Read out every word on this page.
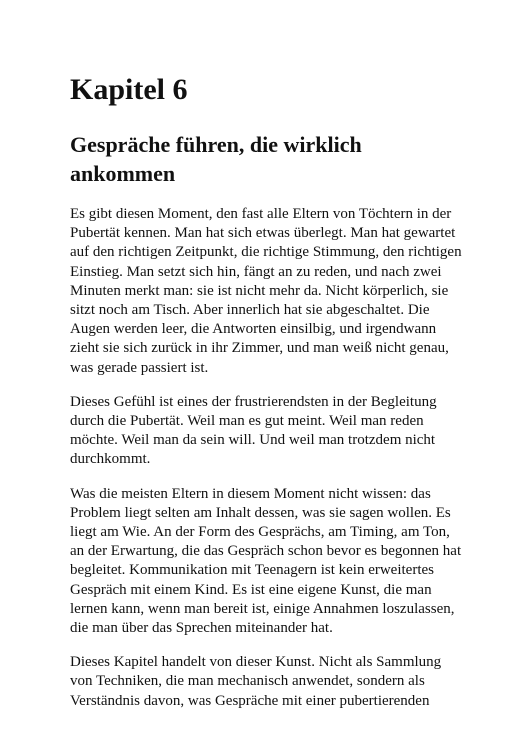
Kapitel 6
Gespräche führen, die wirklich ankommen

Es gibt diesen Moment, den fast alle Eltern von Töchtern in der Pubertät kennen. Man hat sich etwas überlegt. Man hat gewartet auf den richtigen Zeitpunkt, die richtige Stimmung, den richtigen Einstieg. Man setzt sich hin, fängt an zu reden, und nach zwei Minuten merkt man: sie ist nicht mehr da. Nicht körperlich, sie sitzt noch am Tisch. Aber innerlich hat sie abgeschaltet. Die Augen werden leer, die Antworten einsilbig, und irgendwann zieht sie sich zurück in ihr Zimmer, und man weiß nicht genau, was gerade passiert ist.

Dieses Gefühl ist eines der frustrierendsten in der Begleitung durch die Pubertät. Weil man es gut meint. Weil man reden möchte. Weil man da sein will. Und weil man trotzdem nicht durchkommt.

Was die meisten Eltern in diesem Moment nicht wissen: das Problem liegt selten am Inhalt dessen, was sie sagen wollen. Es liegt am Wie. An der Form des Gesprächs, am Timing, am Ton, an der Erwartung, die das Gespräch schon bevor es begonnen hat begleitet. Kommunikation mit Teenagern ist kein erweitertes Gespräch mit einem Kind. Es ist eine eigene Kunst, die man lernen kann, wenn man bereit ist, einige Annahmen loszulassen, die man über das Sprechen miteinander hat.

Dieses Kapitel handelt von dieser Kunst. Nicht als Sammlung von Techniken, die man mechanisch anwendet, sondern als Verständnis davon, was Gespräche mit einer pubertierenden
